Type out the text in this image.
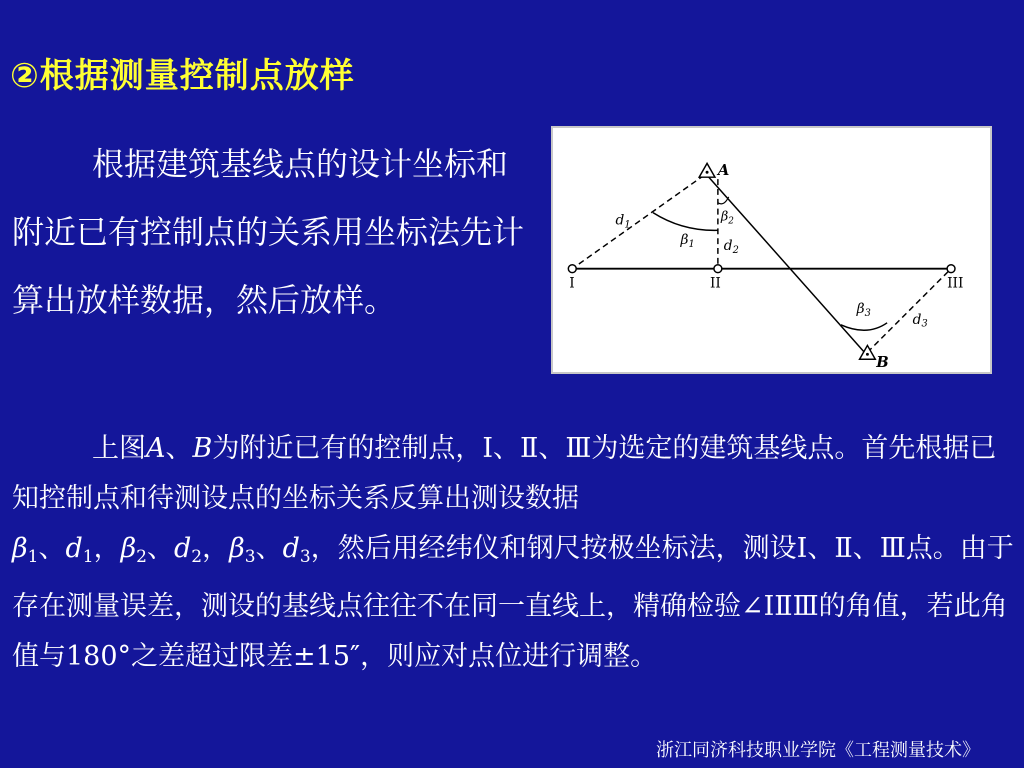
②根据测量控制点放样
根据建筑基线点的设计坐标和附近已有控制点的关系用坐标法先计算出放样数据，然后放样。
A
B
I	II	III
$d_1$
$d_2$
$d_3$
$\beta_1$
$\beta_2$
$\beta_3$
上图A、B为附近已有的控制点，Ⅰ、Ⅱ、Ⅲ为选定的建筑基线点。首先根据已知控制点和待测设点的坐标关系反算出测设数据
$\beta_1$、$d_1$，$\beta_2$、$d_2$，$\beta_3$、$d_3$，然后用经纬仪和钢尺按极坐标法，测设Ⅰ、Ⅱ、Ⅲ点。由于存在测量误差，测设的基线点往往不在同一直线上，精确检验∠ⅠⅡⅢ的角值，若此角值与180°之差超过限差±15″，则应对点位进行调整。
浙江同济科技职业学院《工程测量技术》
